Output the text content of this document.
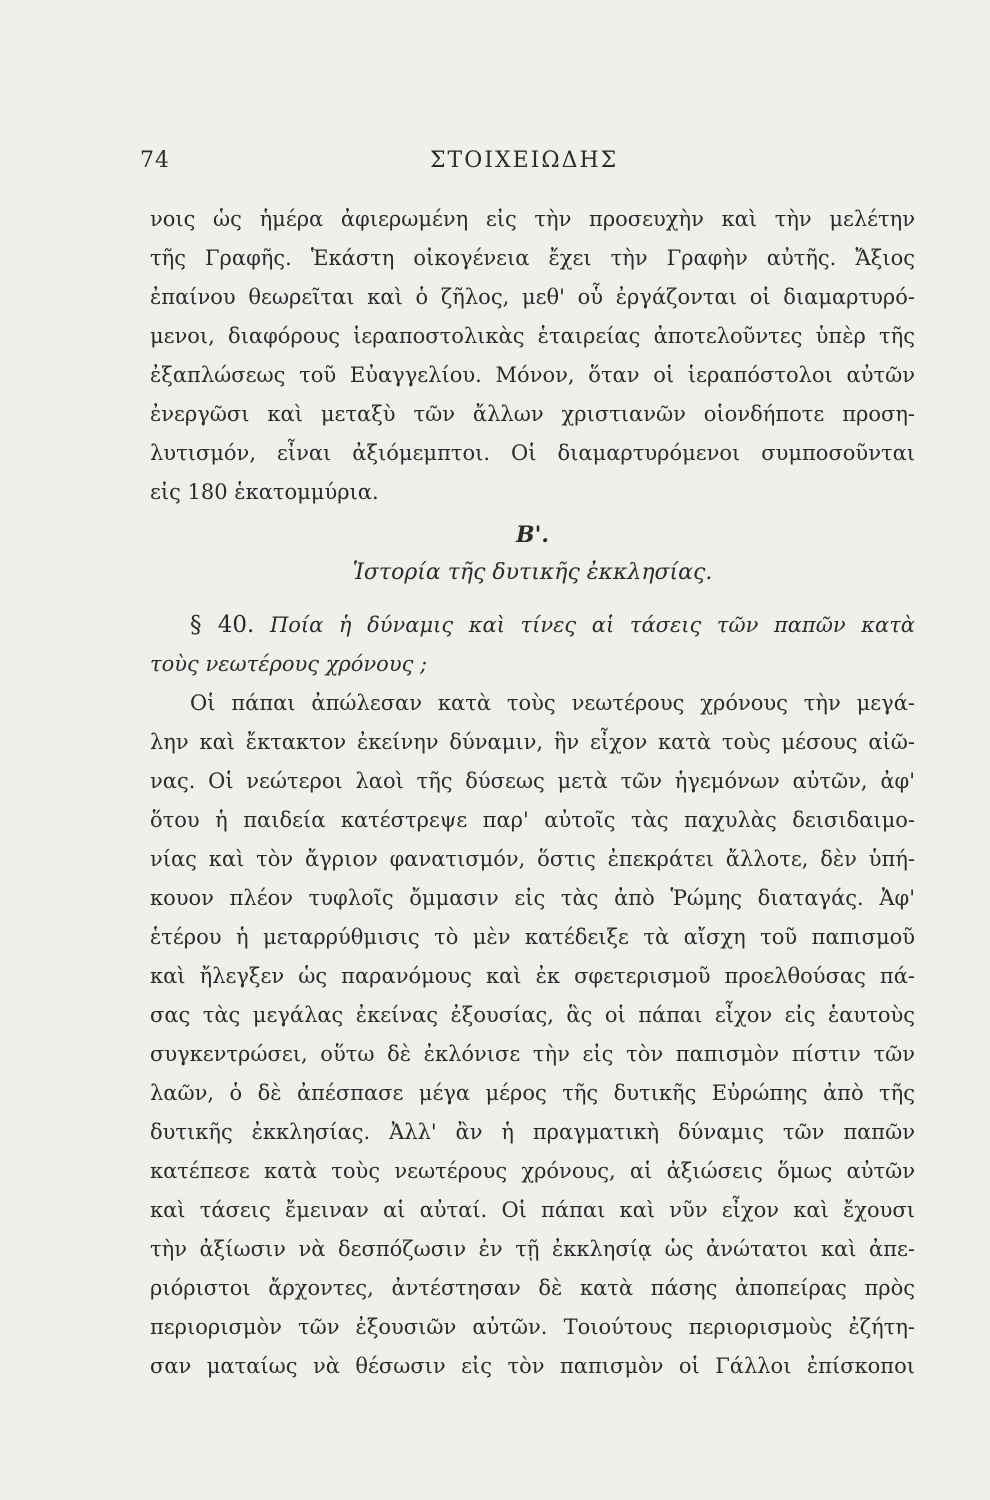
74	ΣΤΟΙΧΕΙΩΔΗΣ
νοις ὡς ἡμέρα ἀφιερωμένη εἰς τὴν προσευχὴν καὶ τὴν μελέτην
τῆς Γραφῆς. Ἑκάστη οἰκογένεια ἔχει τὴν Γραφὴν αὐτῆς. Ἄξιος
ἐπαίνου θεωρεῖται καὶ ὁ ζῆλος, μεθ' οὗ ἐργάζονται οἱ διαμαρτυρό-
μενοι, διαφόρους ἱεραποστολικὰς ἑταιρείας ἀποτελοῦντες ὑπὲρ τῆς
ἐξαπλώσεως τοῦ Εὐαγγελίου. Μόνον, ὅταν οἱ ἱεραπόστολοι αὐτῶν
ἐνεργῶσι καὶ μεταξὺ τῶν ἄλλων χριστιανῶν οἱονδήποτε προση-
λυτισμόν, εἶναι ἀξιόμεμπτοι. Οἱ διαμαρτυρόμενοι συμποσοῦνται
εἰς 180 ἑκατομμύρια.
Β'.
Ἱστορία τῆς δυτικῆς ἐκκλησίας.
§ 40. Ποία ἡ δύναμις καὶ τίνες αἱ τάσεις τῶν παπῶν κατὰ
τοὺς νεωτέρους χρόνους ;
Οἱ πάπαι ἀπώλεσαν κατὰ τοὺς νεωτέρους χρόνους τὴν μεγά-
λην καὶ ἔκτακτον ἐκείνην δύναμιν, ἣν εἶχον κατὰ τοὺς μέσους αἰῶ-
νας. Οἱ νεώτεροι λαοὶ τῆς δύσεως μετὰ τῶν ἡγεμόνων αὐτῶν, ἀφ'
ὅτου ἡ παιδεία κατέστρεψε παρ' αὐτοῖς τὰς παχυλὰς δεισιδαιμο-
νίας καὶ τὸν ἄγριον φανατισμόν, ὅστις ἐπεκράτει ἄλλοτε, δὲν ὑπή-
κουον πλέον τυφλοῖς ὄμμασιν εἰς τὰς ἀπὸ Ῥώμης διαταγάς. Ἀφ'
ἑτέρου ἡ μεταρρύθμισις τὸ μὲν κατέδειξε τὰ αἴσχη τοῦ παπισμοῦ
καὶ ἤλεγξεν ὡς παρανόμους καὶ ἐκ σφετερισμοῦ προελθούσας πά-
σας τὰς μεγάλας ἐκείνας ἐξουσίας, ἃς οἱ πάπαι εἶχον εἰς ἑαυτοὺς
συγκεντρώσει, οὕτω δὲ ἐκλόνισε τὴν εἰς τὸν παπισμὸν πίστιν τῶν
λαῶν, ὁ δὲ ἀπέσπασε μέγα μέρος τῆς δυτικῆς Εὐρώπης ἀπὸ τῆς
δυτικῆς ἐκκλησίας. Ἀλλ' ἂν ἡ πραγματικὴ δύναμις τῶν παπῶν
κατέπεσε κατὰ τοὺς νεωτέρους χρόνους, αἱ ἀξιώσεις ὅμως αὐτῶν
καὶ τάσεις ἔμειναν αἱ αὐταί. Οἱ πάπαι καὶ νῦν εἶχον καὶ ἔχουσι
τὴν ἀξίωσιν νὰ δεσπόζωσιν ἐν τῇ ἐκκλησίᾳ ὡς ἀνώτατοι καὶ ἀπε-
ριόριστοι ἄρχοντες, ἀντέστησαν δὲ κατὰ πάσης ἀποπείρας πρὸς
περιορισμὸν τῶν ἐξουσιῶν αὐτῶν. Τοιούτους περιορισμοὺς ἐζήτη-
σαν ματαίως νὰ θέσωσιν εἰς τὸν παπισμὸν οἱ Γάλλοι ἐπίσκοποι
